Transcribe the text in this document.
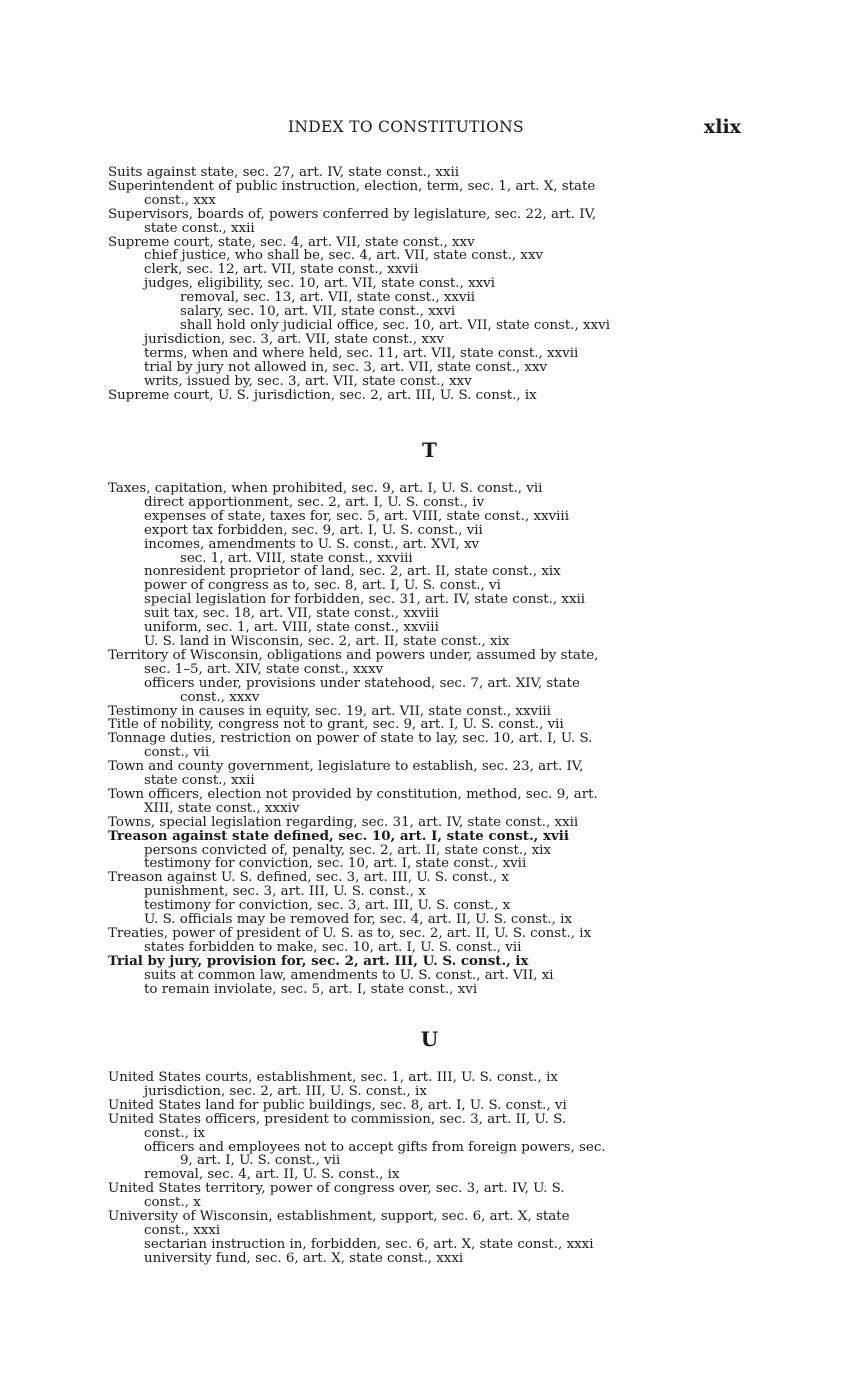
INDEX TO CONSTITUTIONS	xlix
Suits against state, sec. 27, art. IV, state const., xxii
Superintendent of public instruction, election, term, sec. 1, art. X, state
const., xxx
Supervisors, boards of, powers conferred by legislature, sec. 22, art. IV,
state const., xxii
Supreme court, state, sec. 4, art. VII, state const., xxv
chief justice, who shall be, sec. 4, art. VII, state const., xxv
clerk, sec. 12, art. VII, state const., xxvii
judges, eligibility, sec. 10, art. VII, state const., xxvi
removal, sec. 13, art. VII, state const., xxvii
salary, sec. 10, art. VII, state const., xxvi
shall hold only judicial office, sec. 10, art. VII, state const., xxvi
jurisdiction, sec. 3, art. VII, state const., xxv
terms, when and where held, sec. 11, art. VII, state const., xxvii
trial by jury not allowed in, sec. 3, art. VII, state const., xxv
writs, issued by, sec. 3, art. VII, state const., xxv
Supreme court, U. S. jurisdiction, sec. 2, art. III, U. S. const., ix
T
Taxes, capitation, when prohibited, sec. 9, art. I, U. S. const., vii
direct apportionment, sec. 2, art. I, U. S. const., iv
expenses of state, taxes for, sec. 5, art. VIII, state const., xxviii
export tax forbidden, sec. 9, art. I, U. S. const., vii
incomes, amendments to U. S. const., art. XVI, xv
sec. 1, art. VIII, state const., xxviii
nonresident proprietor of land, sec. 2, art. II, state const., xix
power of congress as to, sec. 8, art. I, U. S. const., vi
special legislation for forbidden, sec. 31, art. IV, state const., xxii
suit tax, sec. 18, art. VII, state const., xxviii
uniform, sec. 1, art. VIII, state const., xxviii
U. S. land in Wisconsin, sec. 2, art. II, state const., xix
Territory of Wisconsin, obligations and powers under, assumed by state,
sec. 1–5, art. XIV, state const., xxxv
officers under, provisions under statehood, sec. 7, art. XIV, state
const., xxxv
Testimony in causes in equity, sec. 19, art. VII, state const., xxviii
Title of nobility, congress not to grant, sec. 9, art. I, U. S. const., vii
Tonnage duties, restriction on power of state to lay, sec. 10, art. I, U. S.
const., vii
Town and county government, legislature to establish, sec. 23, art. IV,
state const., xxii
Town officers, election not provided by constitution, method, sec. 9, art.
XIII, state const., xxxiv
Towns, special legislation regarding, sec. 31, art. IV, state const., xxii
Treason against state defined, sec. 10, art. I, state const., xvii
persons convicted of, penalty, sec. 2, art. II, state const., xix
testimony for conviction, sec. 10, art. I, state const., xvii
Treason against U. S. defined, sec. 3, art. III, U. S. const., x
punishment, sec. 3, art. III, U. S. const., x
testimony for conviction, sec. 3, art. III, U. S. const., x
U. S. officials may be removed for, sec. 4, art. II, U. S. const., ix
Treaties, power of president of U. S. as to, sec. 2, art. II, U. S. const., ix
states forbidden to make, sec. 10, art. I, U. S. const., vii
Trial by jury, provision for, sec. 2, art. III, U. S. const., ix
suits at common law, amendments to U. S. const., art. VII, xi
to remain inviolate, sec. 5, art. I, state const., xvi
U
United States courts, establishment, sec. 1, art. III, U. S. const., ix
jurisdiction, sec. 2, art. III, U. S. const., ix
United States land for public buildings, sec. 8, art. I, U. S. const., vi
United States officers, president to commission, sec. 3, art. II, U. S.
const., ix
officers and employees not to accept gifts from foreign powers, sec.
9, art. I, U. S. const., vii
removal, sec. 4, art. II, U. S. const., ix
United States territory, power of congress over, sec. 3, art. IV, U. S.
const., x
University of Wisconsin, establishment, support, sec. 6, art. X, state
const., xxxi
sectarian instruction in, forbidden, sec. 6, art. X, state const., xxxi
university fund, sec. 6, art. X, state const., xxxi
